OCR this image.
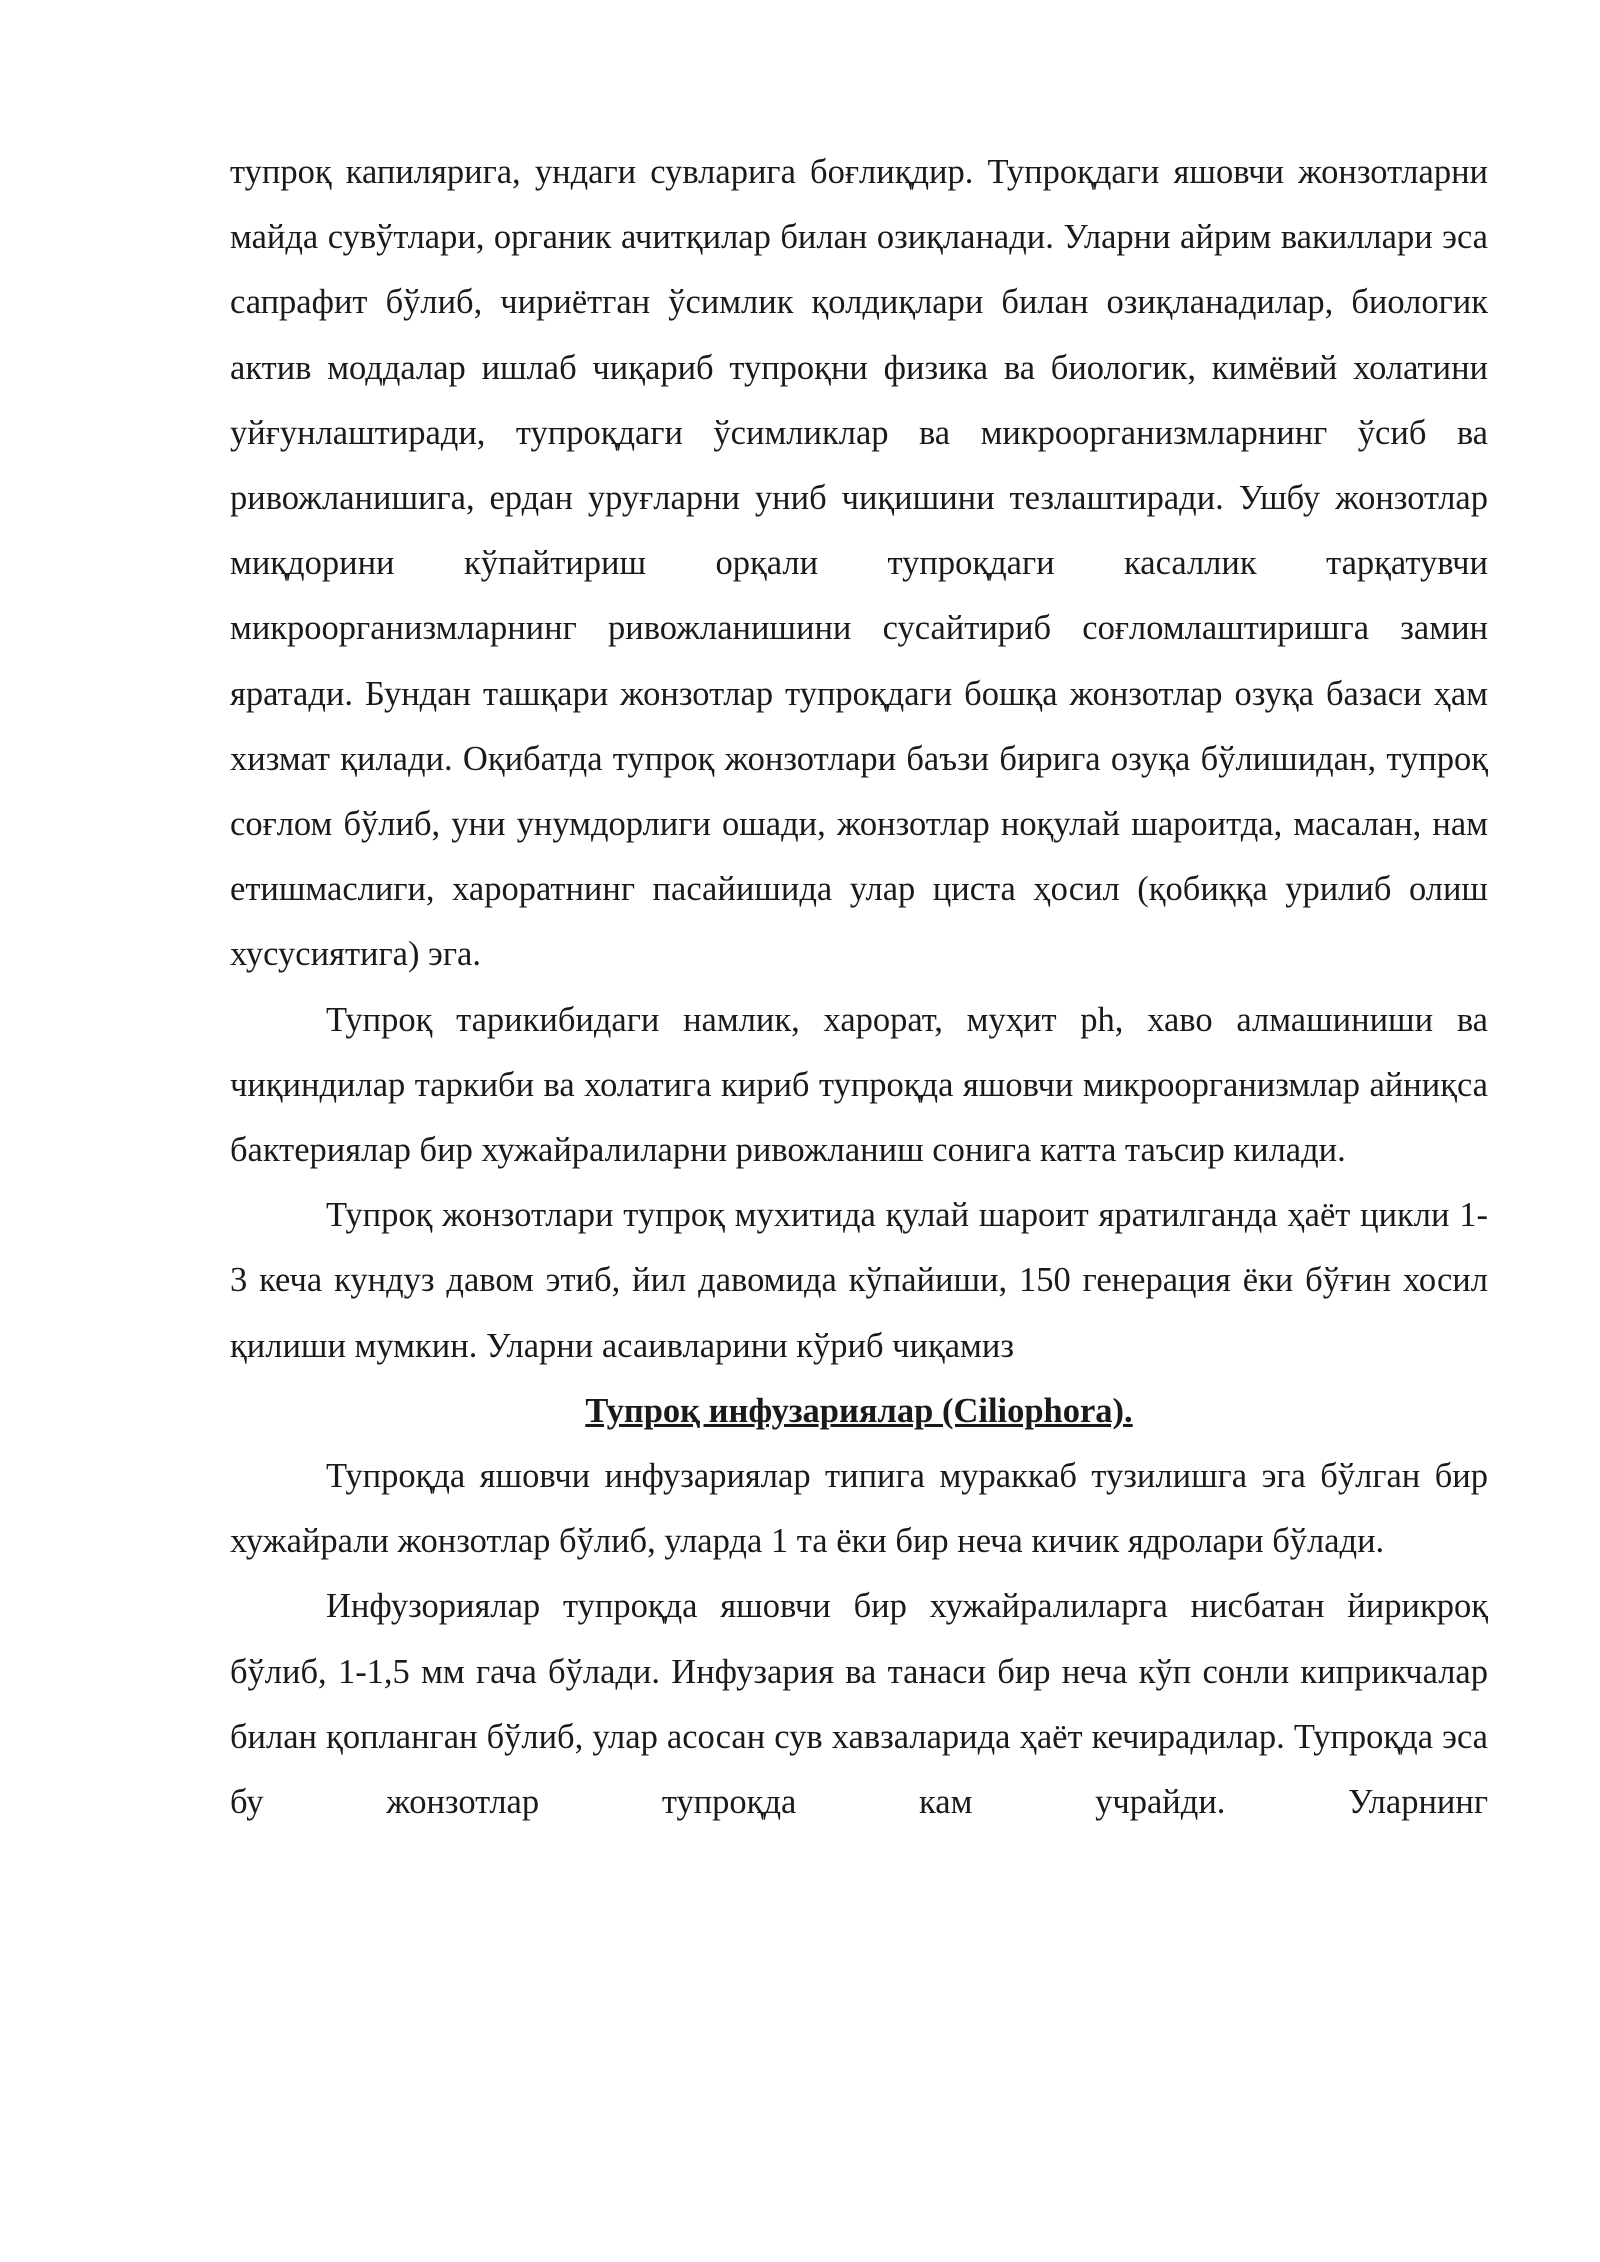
тупроқ капилярига, ундаги сувларига боғлиқдир. Тупроқдаги яшовчи жонзотларни майда сувўтлари, органик ачитқилар билан озиқланади. Уларни айрим вакиллари эса сапрафит бўлиб, чириётган ўсимлик қолдиқлари билан озиқланадилар, биологик актив моддалар ишлаб чиқариб тупроқни физика ва биологик, кимёвий холатини уйғунлаштиради, тупроқдаги ўсимликлар ва микроорганизмларнинг ўсиб ва ривожланишига, ердан уруғларни униб чиқишини тезлаштиради. Ушбу жонзотлар миқдорини кўпайтириш орқали тупроқдаги касаллик тарқатувчи микроорганизмларнинг ривожланишини сусайтириб соғломлаштиришга замин яратади. Бундан ташқари жонзотлар тупроқдаги бошқа жонзотлар озуқа базаси ҳам хизмат қилади. Оқибатда тупроқ жонзотлари баъзи бирига озуқа бўлишидан, тупроқ соғлом бўлиб, уни унумдорлиги ошади, жонзотлар ноқулай шароитда, масалан, нам етишмаслиги, хароратнинг пасайишида улар циста ҳосил (қобиққа урилиб олиш хусусиятига) эга.

Тупроқ тарикибидаги намлик, харорат, муҳит ph, хаво алмашиниши ва чиқиндилар таркиби ва холатига кириб тупроқда яшовчи микроорганизмлар айниқса бактериялар бир хужайралиларни ривожланиш сонига катта таъсир килади.

Тупроқ жонзотлари тупроқ мухитида қулай шароит яратилганда ҳаёт цикли 1-3 кеча кундуз давом этиб, йил давомида кўпайиши, 150 генерация ёки бўғин хосил қилиши мумкин. Уларни асаивларини кўриб чиқамиз

Тупроқ инфузариялар (Ciliophora).

Тупроқда яшовчи инфузариялар типига мураккаб тузилишга эга бўлган бир хужайрали жонзотлар бўлиб, уларда 1 та ёки бир неча кичик ядролари бўлади.

Инфузориялар тупроқда яшовчи бир хужайралиларга нисбатан йирикроқ бўлиб, 1-1,5 мм гача бўлади. Инфузария ва танаси бир неча кўп сонли киприкчалар билан қопланган бўлиб, улар асосан сув хавзаларида ҳаёт кечирадилар. Тупроқда эса бу жонзотлар тупроқда кам учрайди. Уларнинг
